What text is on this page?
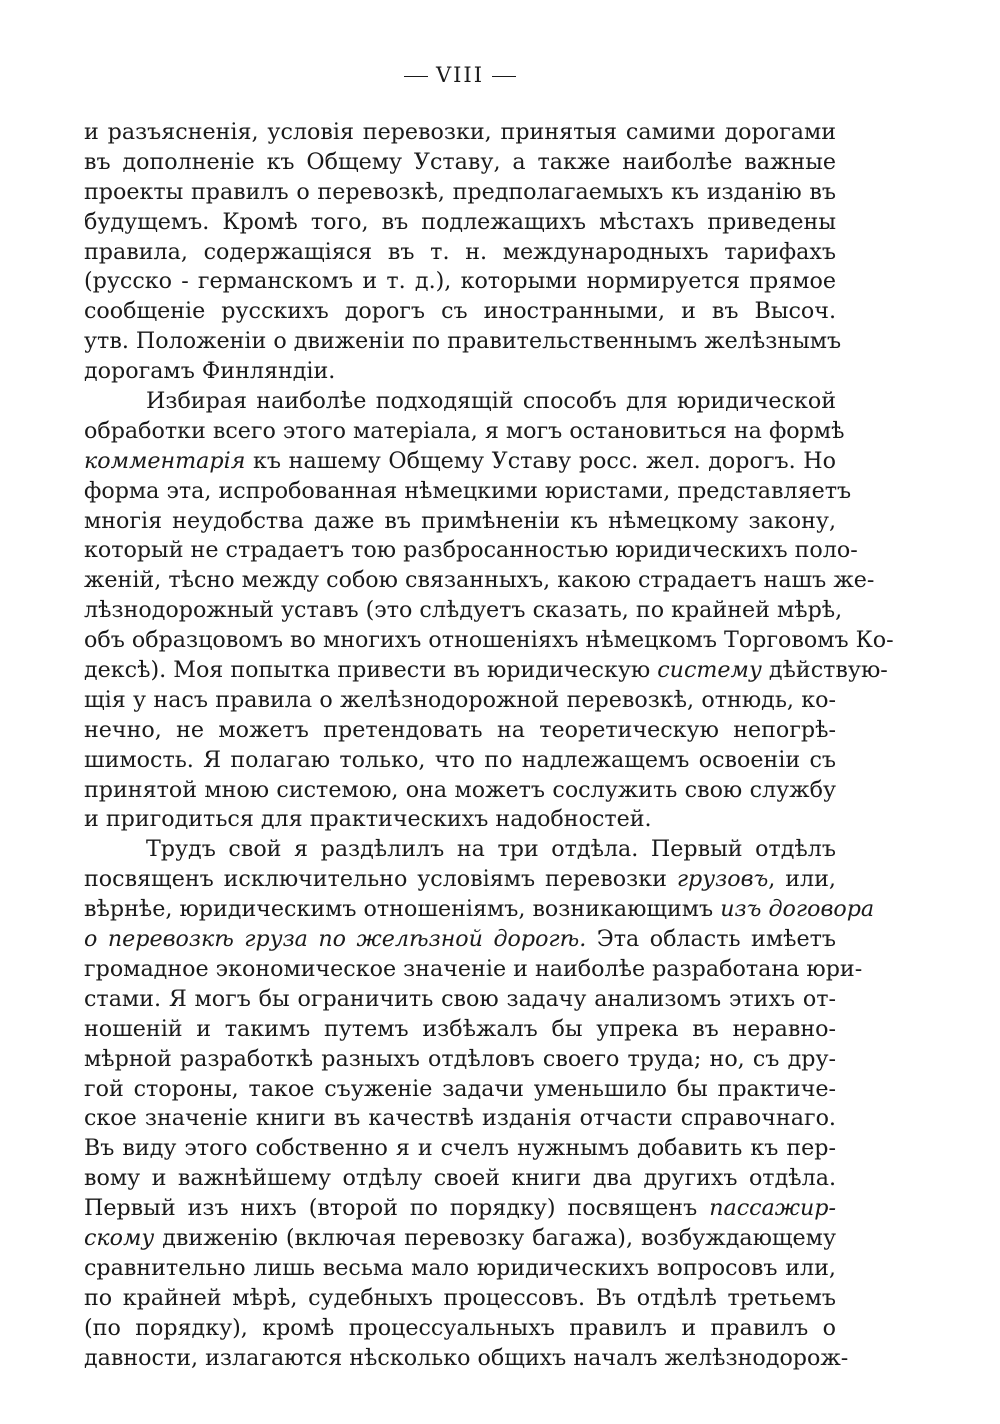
VIII
и разъясненія, условія перевозки, принятыя самими дорогами
въ дополненіе къ Общему Уставу, а также наиболѣе важные
проекты правилъ о перевозкѣ, предполагаемыхъ къ изданію въ
будущемъ. Кромѣ того, въ подлежащихъ мѣстахъ приведены
правила, содержащіяся въ т. н. международныхъ тарифахъ
(русско - германскомъ и т. д.), которыми нормируется прямое
сообщеніе русскихъ дорогъ съ иностранными, и въ Высоч.
утв. Положеніи о движеніи по правительственнымъ желѣзнымъ
дорогамъ Финляндіи.
Избирая наиболѣе подходящій способъ для юридической
обработки всего этого матеріала, я могъ остановиться на формѣ
комментарія къ нашему Общему Уставу росс. жел. дорогъ. Но
форма эта, испробованная нѣмецкими юристами, представляетъ
многія неудобства даже въ примѣненіи къ нѣмецкому закону,
который не страдаетъ тою разбросанностью юридическихъ поло-
женій, тѣсно между собою связанныхъ, какою страдаетъ нашъ же-
лѣзнодорожный уставъ (это слѣдуетъ сказать, по крайней мѣрѣ,
объ образцовомъ во многихъ отношеніяхъ нѣмецкомъ Торговомъ Ко-
дексѣ). Моя попытка привести въ юридическую систему дѣйствую-
щія у насъ правила о желѣзнодорожной перевозкѣ, отнюдь, ко-
нечно, не можетъ претендовать на теоретическую непогрѣ-
шимость. Я полагаю только, что по надлежащемъ освоеніи съ
принятой мною системою, она можетъ сослужить свою службу
и пригодиться для практическихъ надобностей.
Трудъ свой я раздѣлилъ на три отдѣла. Первый отдѣлъ
посвященъ исключительно условіямъ перевозки грузовъ, или,
вѣрнѣе, юридическимъ отношеніямъ, возникающимъ изъ договора
о перевозкѣ груза по желѣзной дорогѣ. Эта область имѣетъ
громадное экономическое значеніе и наиболѣе разработана юри-
стами. Я могъ бы ограничить свою задачу анализомъ этихъ от-
ношеній и такимъ путемъ избѣжалъ бы упрека въ неравно-
мѣрной разработкѣ разныхъ отдѣловъ своего труда; но, съ дру-
гой стороны, такое съуженіе задачи уменьшило бы практиче-
ское значеніе книги въ качествѣ изданія отчасти справочнаго.
Въ виду этого собственно я и счелъ нужнымъ добавить къ пер-
вому и важнѣйшему отдѣлу своей книги два другихъ отдѣла.
Первый изъ нихъ (второй по порядку) посвященъ пассажир-
скому движенію (включая перевозку багажа), возбуждающему
сравнительно лишь весьма мало юридическихъ вопросовъ или,
по крайней мѣрѣ, судебныхъ процессовъ. Въ отдѣлѣ третьемъ
(по порядку), кромѣ процессуальныхъ правилъ и правилъ о
давности, излагаются нѣсколько общихъ началъ желѣзнодорож-
